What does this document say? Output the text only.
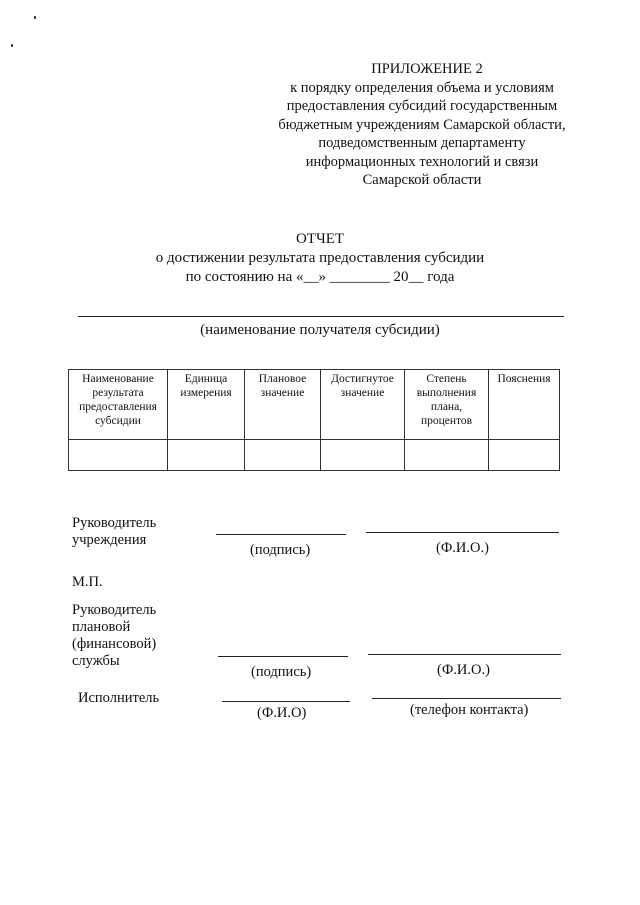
ПРИЛОЖЕНИЕ 2
к порядку определения объема и условиям
предоставления субсидий государственным
бюджетным учреждениям Самарской области,
подведомственным департаменту
информационных технологий и связи
Самарской области
ОТЧЕТ
о достижении результата предоставления субсидии
по состоянию на «__» ________ 20__ года
(наименование получателя субсидии)
Наименование результата предоставления субсидии	Единица измерения	Плановое значение	Достигнутое значение	Степень выполнения плана, процентов	Пояснения

Руководитель
учреждения
(подпись)	(Ф.И.О.)
М.П.
Руководитель
плановой
(финансовой)
службы
(подпись)	(Ф.И.О.)
Исполнитель
(Ф.И.О)	(телефон контакта)
